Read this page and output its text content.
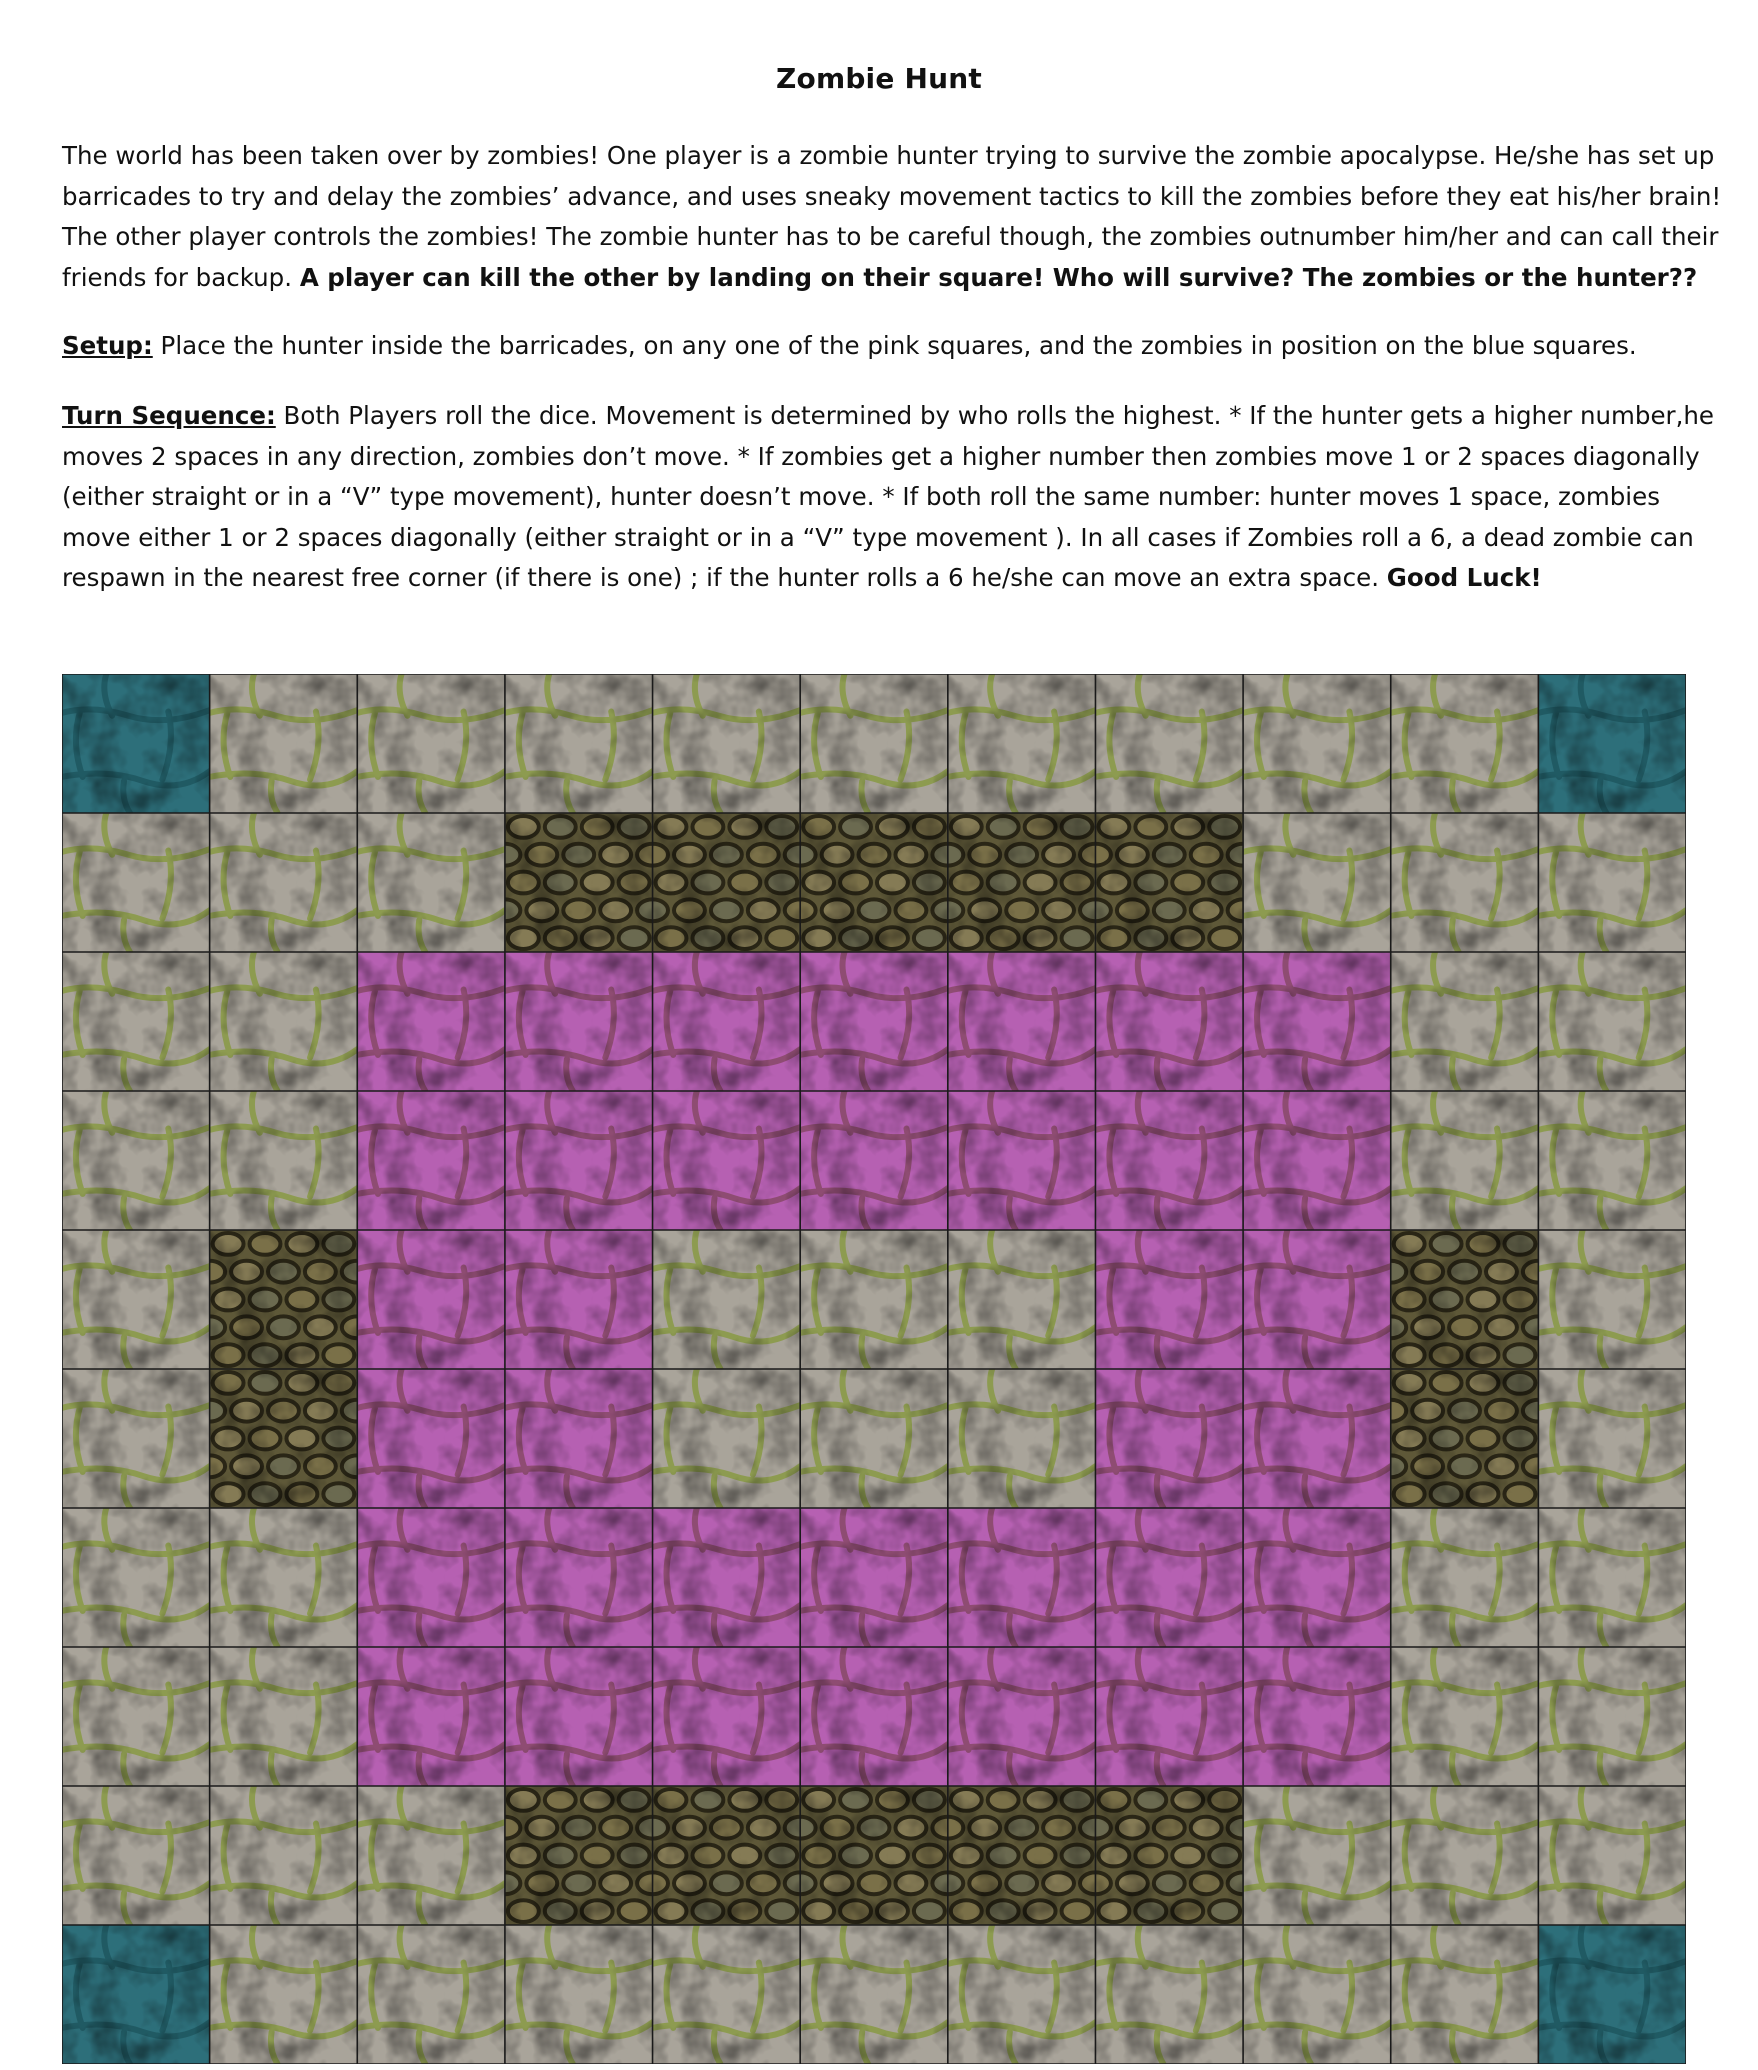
Zombie Hunt
The world has been taken over by zombies! One player is a zombie hunter trying to survive the zombie apocalypse. He/she has set up barricades to try and delay the zombies’ advance, and uses sneaky movement tactics to kill the zombies before they eat his/her brain! The other player controls the zombies! The zombie hunter has to be careful though, the zombies outnumber him/her and can call their friends for backup. A player can kill the other by landing on their square! Who will survive? The zombies or the hunter??
Setup: Place the hunter inside the barricades, on any one of the pink squares, and the zombies in position on the blue squares.
Turn Sequence: Both Players roll the dice. Movement is determined by who rolls the highest. * If the hunter gets a higher number,he moves 2 spaces in any direction, zombies don’t move. * If zombies get a higher number then zombies move 1 or 2 spaces diagonally (either straight or in a “V” type movement), hunter doesn’t move. * If both roll the same number: hunter moves 1 space, zombies move either 1 or 2 spaces diagonally (either straight or in a “V” type movement ). In all cases if Zombies roll a 6, a dead zombie can respawn in the nearest free corner (if there is one) ; if the hunter rolls a 6 he/she can move an extra space. Good Luck!
